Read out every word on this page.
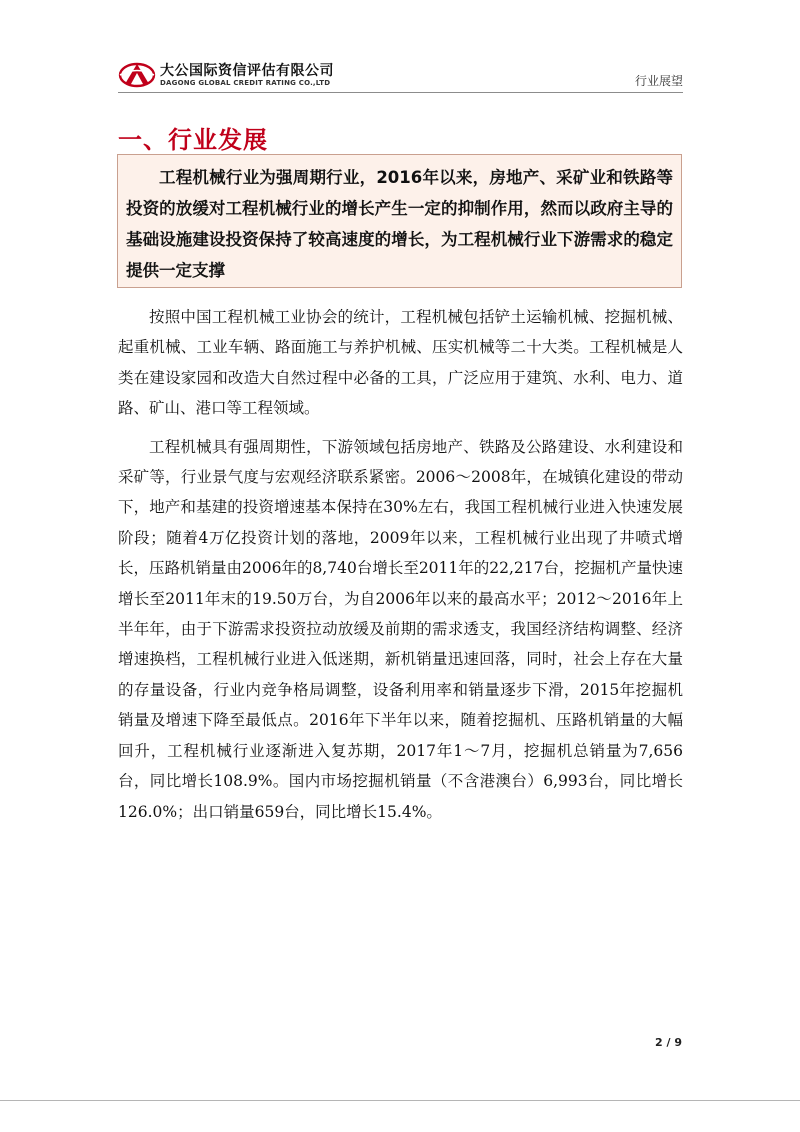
大公国际资信评估有限公司
DAGONG GLOBAL CREDIT RATING CO.,LTD	行业展望
一、行业发展

工程机械行业为强周期行业，2016年以来，房地产、采矿业和铁路等投资的放缓对工程机械行业的增长产生一定的抑制作用，然而以政府主导的基础设施建设投资保持了较高速度的增长，为工程机械行业下游需求的稳定提供一定支撑

按照中国工程机械工业协会的统计，工程机械包括铲土运输机械、挖掘机械、起重机械、工业车辆、路面施工与养护机械、压实机械等二十大类。工程机械是人类在建设家园和改造大自然过程中必备的工具，广泛应用于建筑、水利、电力、道路、矿山、港口等工程领域。

工程机械具有强周期性，下游领域包括房地产、铁路及公路建设、水利建设和采矿等，行业景气度与宏观经济联系紧密。2006～2008年，在城镇化建设的带动下，地产和基建的投资增速基本保持在30%左右，我国工程机械行业进入快速发展阶段；随着4万亿投资计划的落地，2009年以来，工程机械行业出现了井喷式增长，压路机销量由2006年的8,740台增长至2011年的22,217台，挖掘机产量快速增长至2011年末的19.50万台，为自2006年以来的最高水平；2012～2016年上半年年，由于下游需求投资拉动放缓及前期的需求透支，我国经济结构调整、经济增速换档，工程机械行业进入低迷期，新机销量迅速回落，同时，社会上存在大量的存量设备，行业内竞争格局调整，设备利用率和销量逐步下滑，2015年挖掘机销量及增速下降至最低点。2016年下半年以来，随着挖掘机、压路机销量的大幅回升，工程机械行业逐渐进入复苏期，2017年1～7月，挖掘机总销量为7,656台，同比增长108.9%。国内市场挖掘机销量（不含港澳台）6,993台，同比增长126.0%；出口销量659台，同比增长15.4%。

2 / 9
